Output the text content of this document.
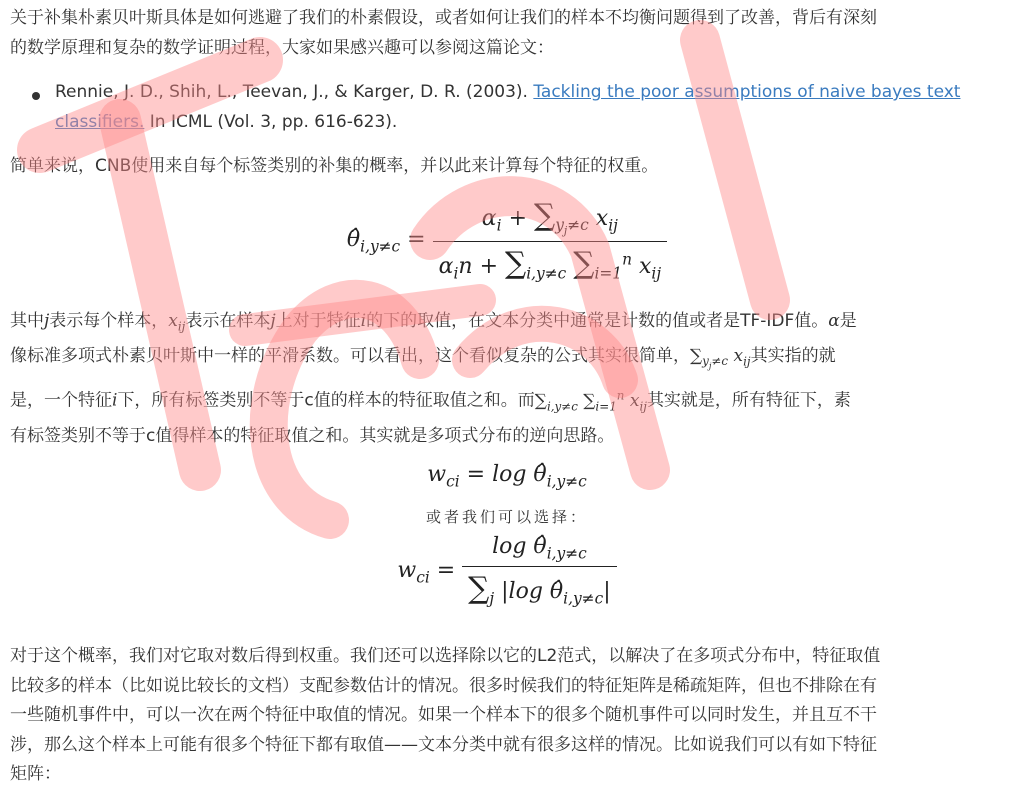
关于补集朴素贝叶斯具体是如何逃避了我们的朴素假设，或者如何让我们的样本不均衡问题得到了改善，背后有深刻
的数学原理和复杂的数学证明过程，大家如果感兴趣可以参阅这篇论文：

Rennie, J. D., Shih, L., Teevan, J., & Karger, D. R. (2003). Tackling the poor assumptions of naive bayes text classifiers. In ICML (Vol. 3, pp. 616-623).

简单来说，CNB使用来自每个标签类别的补集的概率，并以此来计算每个特征的权重。

$\thetâ_{i,y\ne c} = \frac{\alpha_i + \sum_{y_j\ne c} x_{ij}}{\alpha_in + \sum_{i,y\ne c} \sum_{i=1}^n x_{ij}}$

其中j表示每个样本，$x_{ij}$表示在样本j上对于特征i的下的取值，在文本分类中通常是计数的值或者是TF-IDF值。α是
像标准多项式朴素贝叶斯中一样的平滑系数。可以看出，这个看似复杂的公式其实很简单，$\sum_{y_j\ne c}$ $x_{ij}$其实指的就
是，一个特征i下，所有标签类别不等于c值的样本的特征取值之和。而$\sum_{i,y\ne c}$ $\sum_{i=1}^n$ $x_{ij}$其实就是，所有特征下，素
有标签类别不等于c值得样本的特征取值之和。其实就是多项式分布的逆向思路。

$w_{ci} = \log$ $\thetâ_{i,y\ne c}$
或者我们可以选择：
$w_{ci} = \frac{\log \thetâ_{i,y\ne c}}{\sum_j |\log \thetâ_{i,y\ne c}|}$

对于这个概率，我们对它取对数后得到权重。我们还可以选择除以它的L2范式，以解决了在多项式分布中，特征取值
比较多的样本（比如说比较长的文档）支配参数估计的情况。很多时候我们的特征矩阵是稀疏矩阵，但也不排除在有
一些随机事件中，可以一次在两个特征中取值的情况。如果一个样本下的很多个随机事件可以同时发生，并且互不干
涉，那么这个样本上可能有很多个特征下都有取值——文本分类中就有很多这样的情况。比如说我们可以有如下特征
矩阵：
